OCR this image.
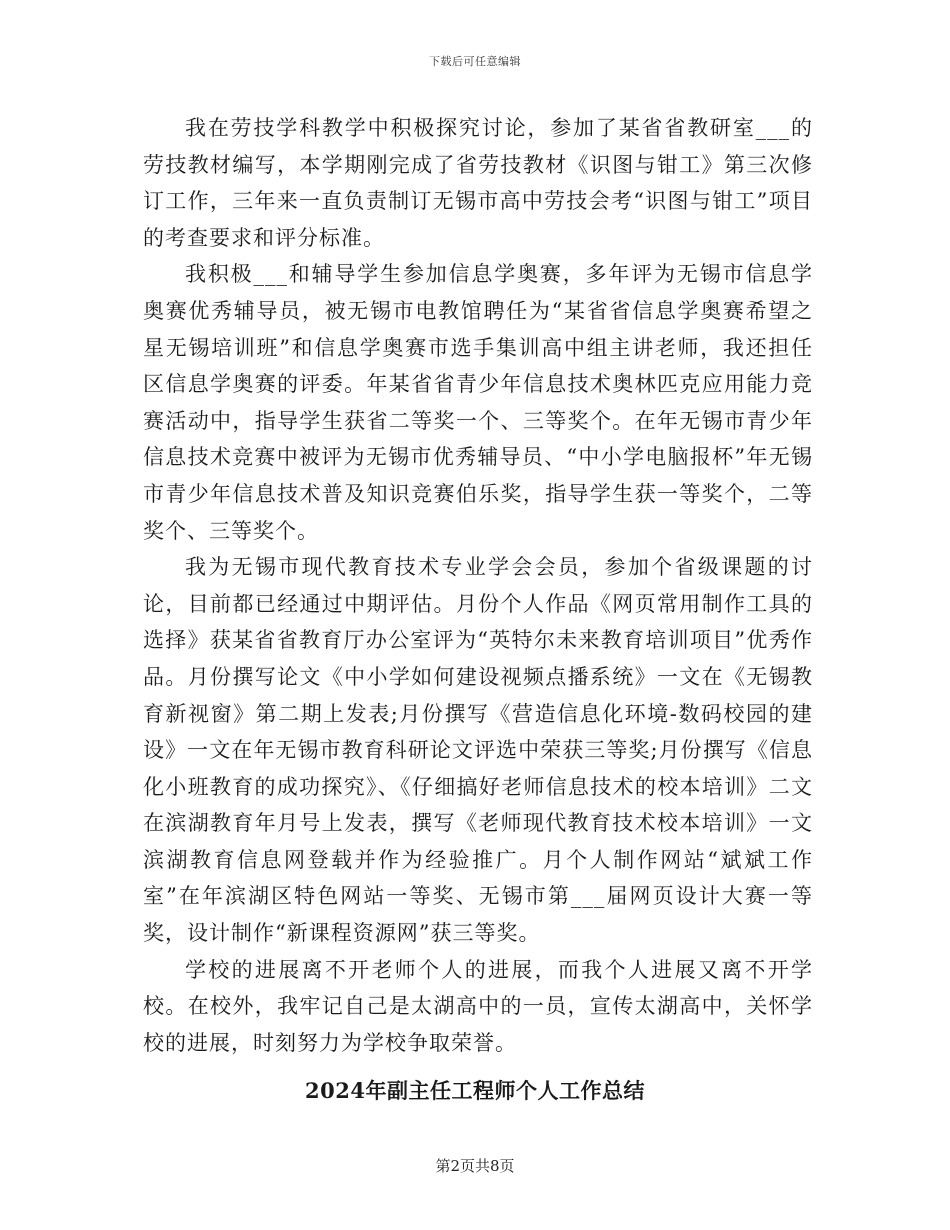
下载后可任意编辑

我在劳技学科教学中积极探究讨论，参加了某省省教研室___的劳技教材编写，本学期刚完成了省劳技教材《识图与钳工》第三次修订工作，三年来一直负责制订无锡市高中劳技会考“识图与钳工”项目的考查要求和评分标准。

我积极___和辅导学生参加信息学奥赛，多年评为无锡市信息学奥赛优秀辅导员，被无锡市电教馆聘任为“某省省信息学奥赛希望之星无锡培训班”和信息学奥赛市选手集训高中组主讲老师，我还担任区信息学奥赛的评委。年某省省青少年信息技术奥林匹克应用能力竞赛活动中，指导学生获省二等奖一个、三等奖个。在年无锡市青少年信息技术竞赛中被评为无锡市优秀辅导员、“中小学电脑报杯”年无锡市青少年信息技术普及知识竞赛伯乐奖，指导学生获一等奖个，二等奖个、三等奖个。

我为无锡市现代教育技术专业学会会员，参加个省级课题的讨论，目前都已经通过中期评估。月份个人作品《网页常用制作工具的选择》获某省省教育厅办公室评为“英特尔未来教育培训项目”优秀作品。月份撰写论文《中小学如何建设视频点播系统》一文在《无锡教育新视窗》第二期上发表;月份撰写《营造信息化环境-数码校园的建设》一文在年无锡市教育科研论文评选中荣获三等奖;月份撰写《信息化小班教育的成功探究》、《仔细搞好老师信息技术的校本培训》二文在滨湖教育年月号上发表，撰写《老师现代教育技术校本培训》一文滨湖教育信息网登载并作为经验推广。月个人制作网站“斌斌工作室”在年滨湖区特色网站一等奖、无锡市第___届网页设计大赛一等奖，设计制作“新课程资源网”获三等奖。

学校的进展离不开老师个人的进展，而我个人进展又离不开学校。在校外，我牢记自己是太湖高中的一员，宣传太湖高中，关怀学校的进展，时刻努力为学校争取荣誉。

2024年副主任工程师个人工作总结
第2页共8页
